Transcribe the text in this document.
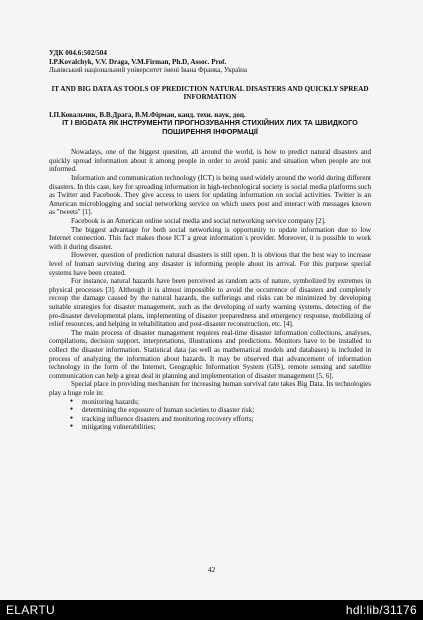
УДК 004.6:502/504
I.P.Kovalchyk, V.V. Draga, V.M.Firman, Ph.D, Assoc. Prof.
Львівський національний університет імені Івана Франка, Україна
IT AND BIG DATA AS TOOLS OF PREDICTION NATURAL DISASTERS AND QUICKLY SPREAD INFORMATION
І.П.Ковальчик, В.В.Драга, В.М.Фірман, канд. техн. наук, доц.
ІТ І BIGDATA ЯК ІНСТРУМЕНТИ ПРОГНОЗУВАННЯ СТИХІЙНИХ ЛИХ ТА ШВИДКОГО ПОШИРЕННЯ ІНФОРМАЦІЇ

Nowadays, one of the biggest question, all around the world, is how to predict natural disasters and quickly spread information about it among people in order to avoid panic and situation when people are not informed.

Information and communication technology (ICT) is being used widely around the world during different disasters. In this case, key for spreading information in high-technological society is social media platforms such as Twitter and Facebook. They give access to users for updating information on social activities. Twitter is an American microblogging and social networking service on which users post and interact with messages known as "tweets" [1].

Facebook is an American online social media and social networking service company [2].

The biggest advantage for both social networking is opportunity to update information due to low Internet connection. This fact makes those ICT a great information`s provider. Moreover, it is possible to work with it during disaster.

However, question of prediction natural disasters is still open. It is obvious that the best way to increase level of human surviving during any disaster is informing people about its arrival. For this purpose special systems have been created.

For instance, natural hazards have been perceived as random acts of nature, symbolized by extremes in physical processes [3]. Although it is almost impossible to avoid the occurrence of disasters and completely recoup the damage caused by the natural hazards, the sufferings and risks can be minimized by developing suitable strategies for disaster management, such as the developing of early warning systems, detecting of the pre-disaster developmental plans, implementing of disaster preparedness and emergency response, mobilizing of relief resources, and helping in rehabilitation and post-disaster reconstruction, etc. [4].

The main process of disaster management requires real-time disaster information collections, analyses, compilations, decision support, interpretations, illustrations and predictions. Monitors have to be installed to collect the disaster information. Statistical data (as well as mathematical models and databases) is included in process of analyzing the information about hazards. It may be observed that advancement of information technology in the form of the Internet, Geographic Information System (GIS), remote sensing and satellite communication can help a great deal in planning and implementation of disaster management [5, 6].

Special place in providing mechanism for increasing human survival rate takes Big Data. Its technologies play a huge role in:

● monitoring hazards;
● determining the exposure of human societies to disaster risk;
● tracking influence disasters and monitoring recovery efforts;
● mitigating vulnerabilities;
42
ELARTU	hdl:lib/31176
